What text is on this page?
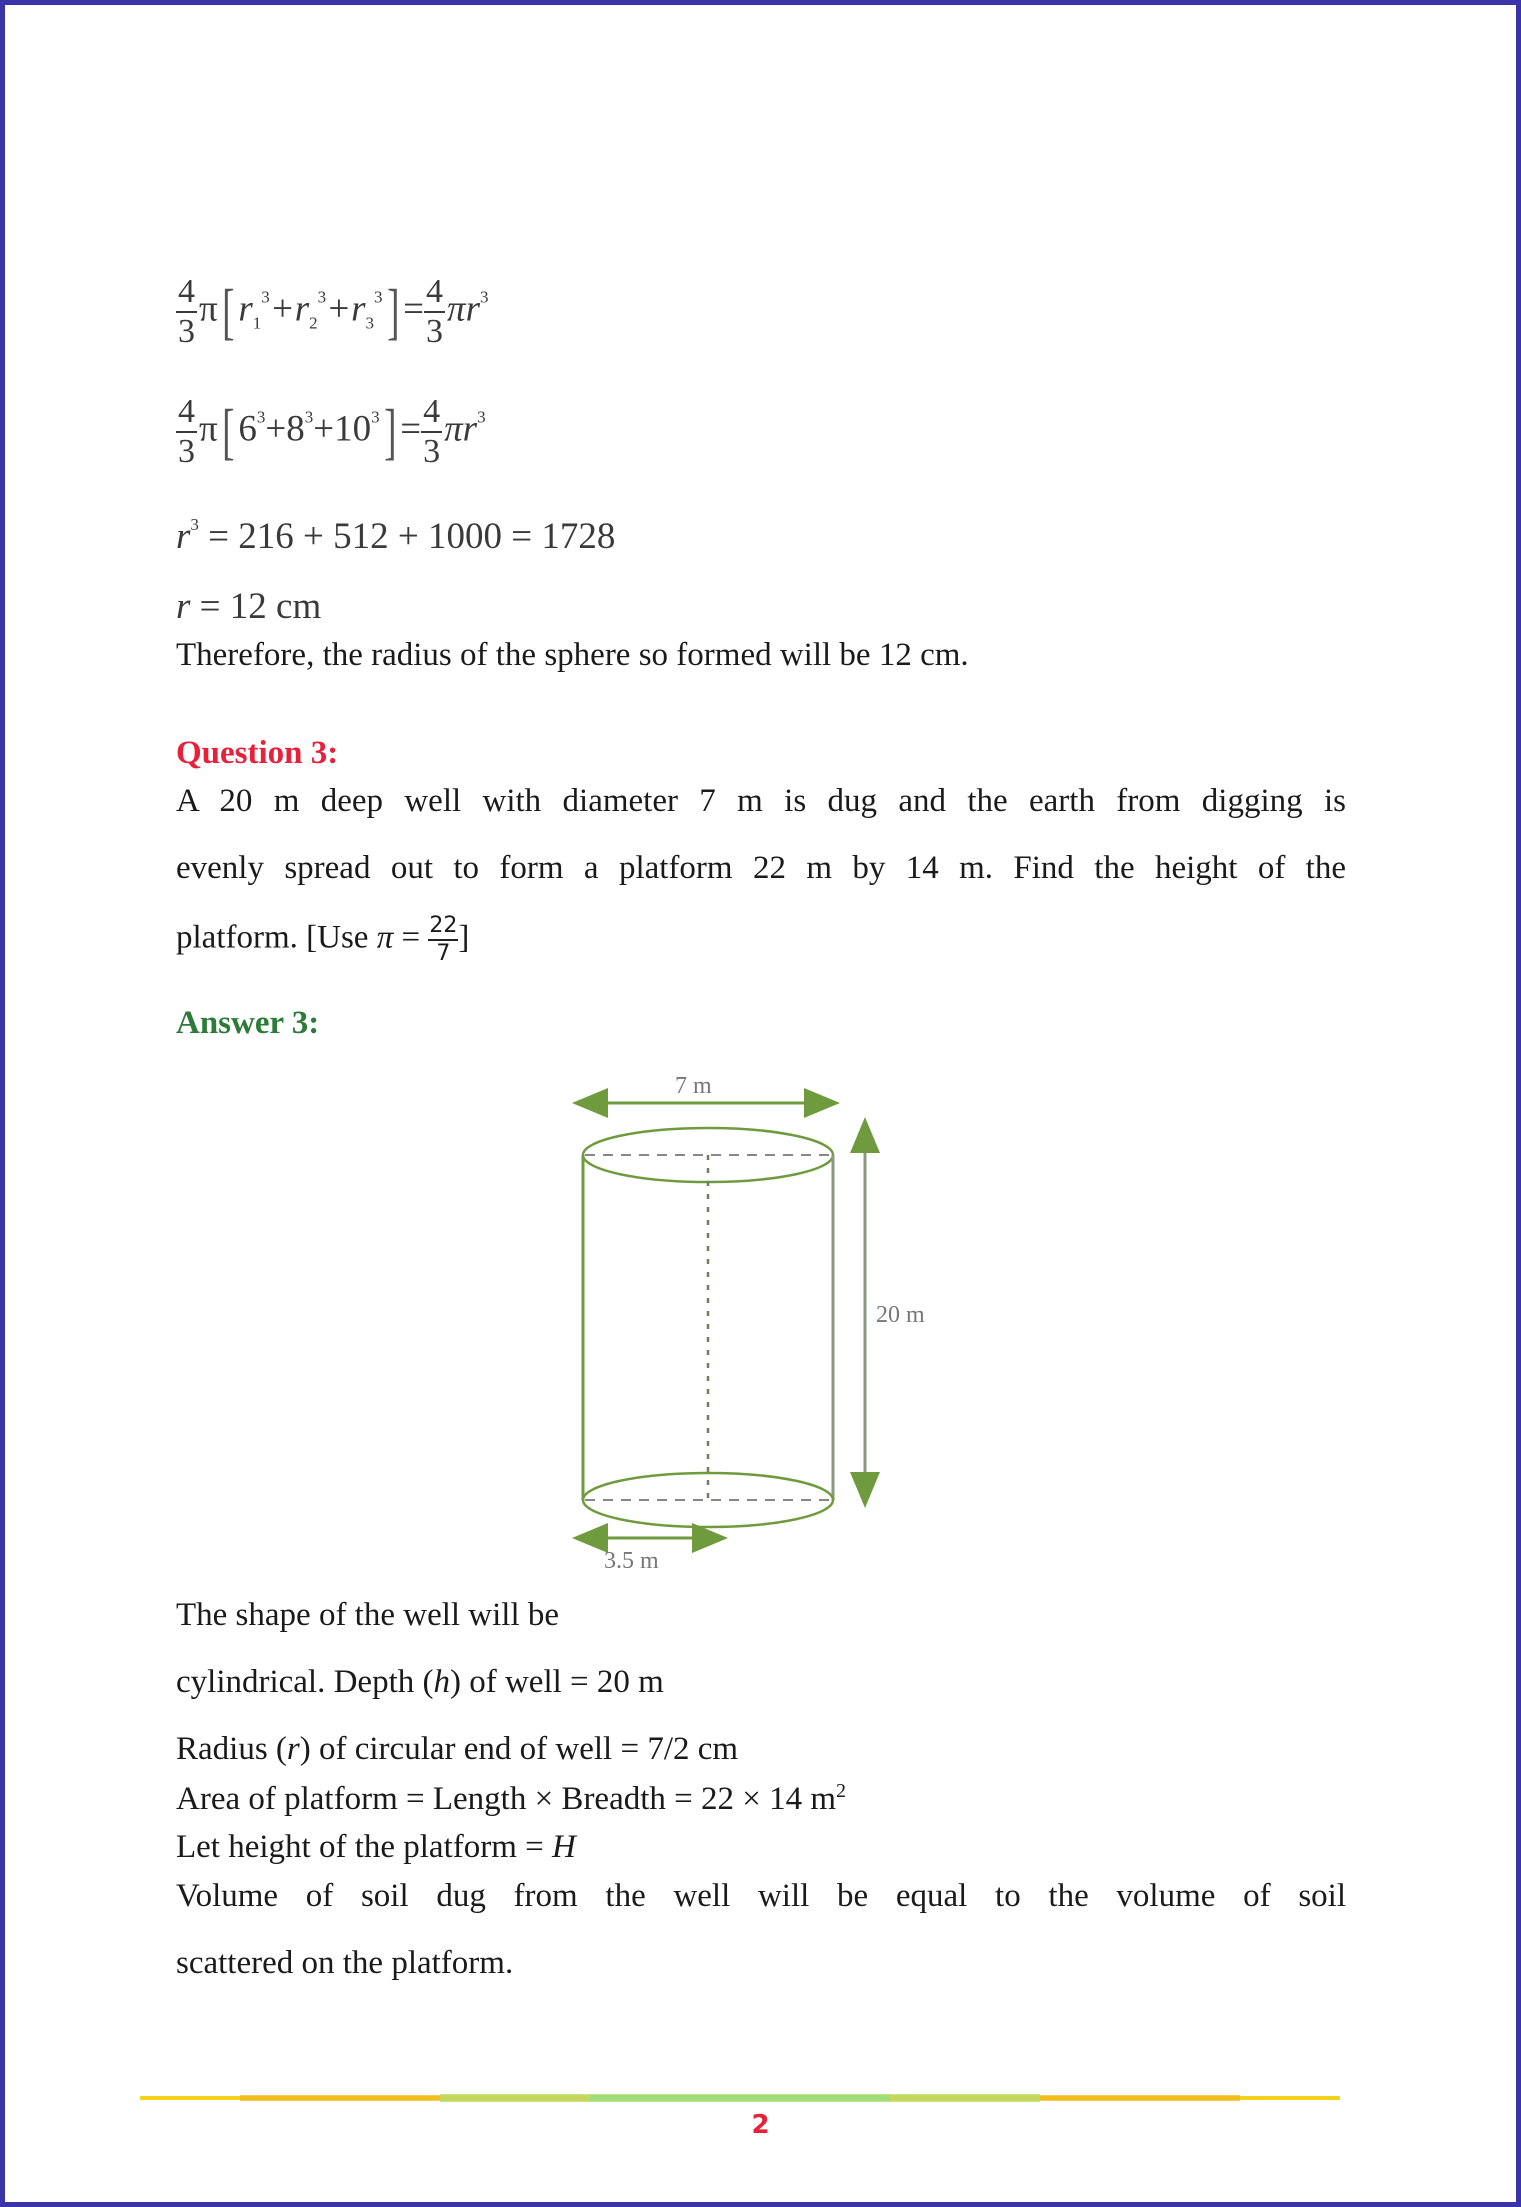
$\frac{4}{3} \pi$[ $r_1^3+r_2^3+r_3^3] = \frac{4}{3} \pi r^3$
$\frac{4}{3} \pi$[ $6^3+8^3+10^3] = \frac{4}{3} \pi r^3$
$r^3 = 216 + 512 + 1000 = 1728$
r = 12 cm
Therefore, the radius of the sphere so formed will be 12 cm.
Question 3:
A 20 m deep well with diameter 7 m is dug and the earth from digging is
evenly spread out to form a platform 22 m by 14 m. Find the height of the
platform. [Use $\pi = \frac{22}{7}$ ]
Answer 3:
7 m
20 m
3.5 m
The shape of the well will be
cylindrical. Depth (h) of well = 20 m
Radius (r) of circular end of well = 7/2 cm
Area of platform = Length × Breadth = 22 × 14 $m^2$
Let height of the platform = H
Volume of soil dug from the well will be equal to the volume of soil
scattered on the platform.
2
